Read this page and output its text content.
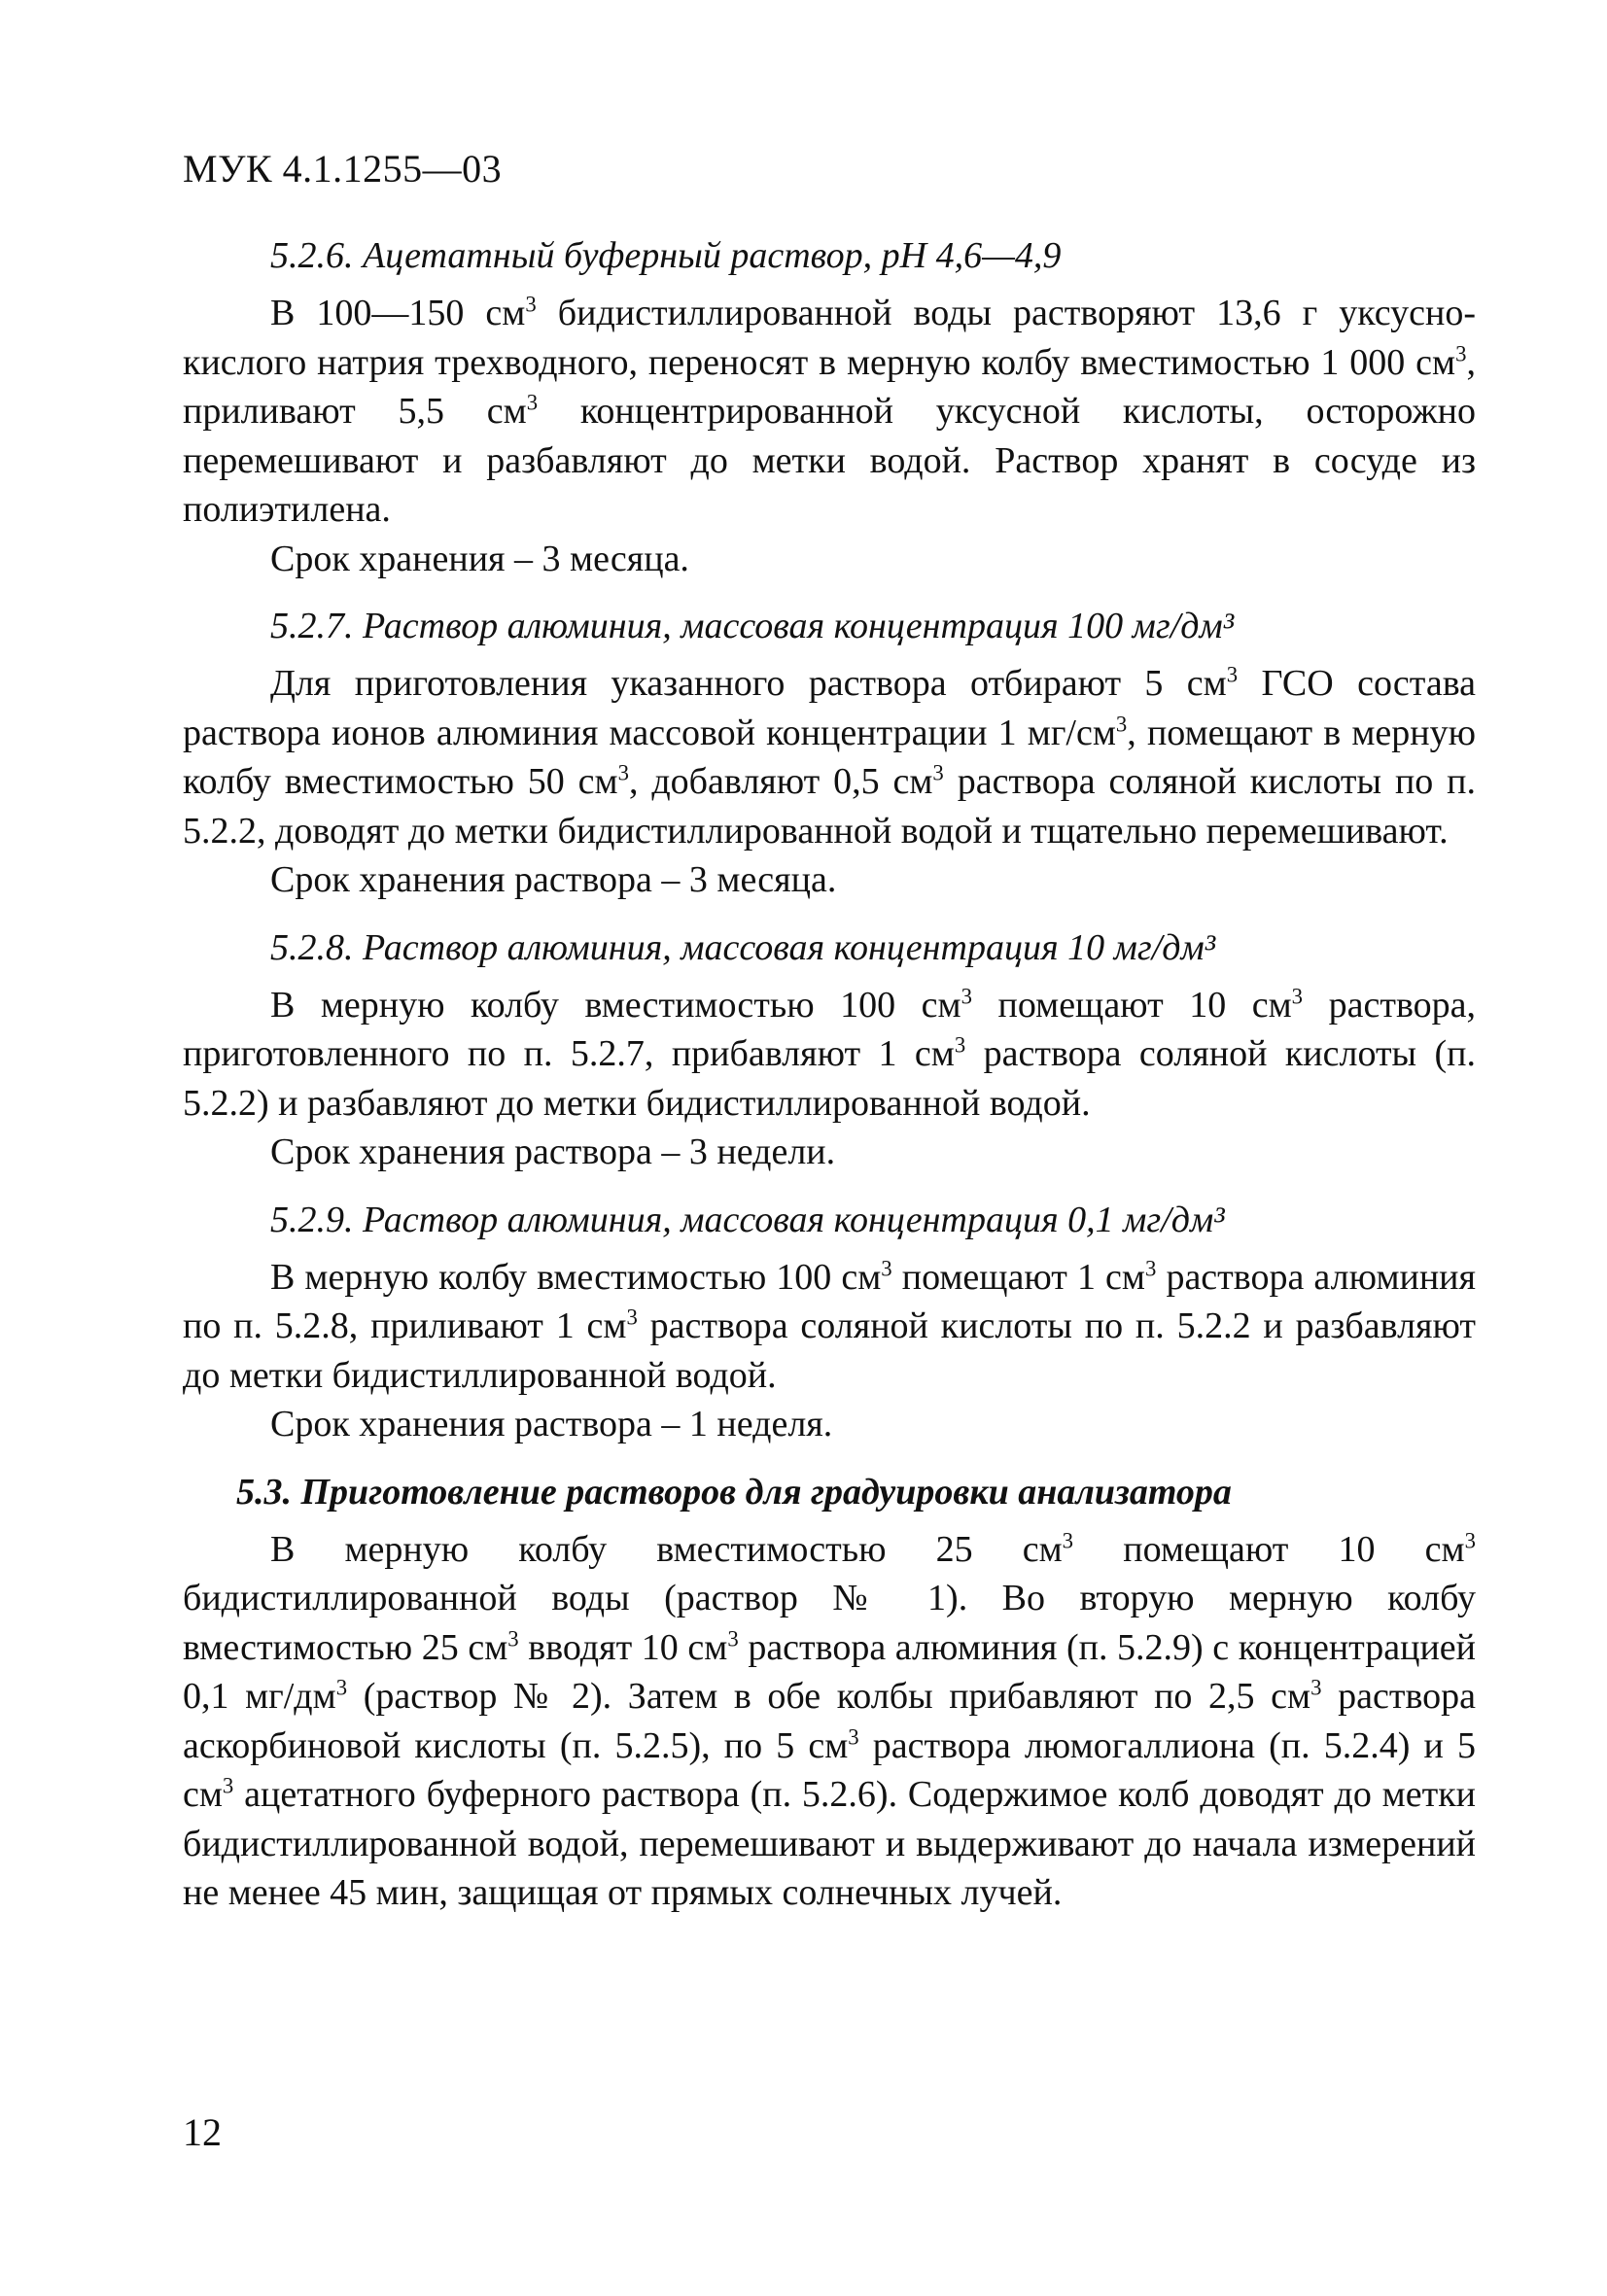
МУК 4.1.1255—03
5.2.6. Ацетатный буферный раствор, pH 4,6—4,9

В 100—150 $см^3$ бидистиллированной воды растворяют 13,6 г уксусно-кислого натрия трехводного, переносят в мерную колбу вместимостью 1 000 $см^3$, приливают 5,5 $см^3$ концентрированной уксусной кислоты, осторожно перемешивают и разбавляют до метки водой. Раствор хранят в сосуде из полиэтилена.

Срок хранения – 3 месяца.

5.2.7. Раствор алюминия, массовая концентрация 100 мг/дм³

Для приготовления указанного раствора отбирают 5 $см^3$ ГСО состава раствора ионов алюминия массовой концентрации 1 $мг/см^3$, помещают в мерную колбу вместимостью 50 $см^3$, добавляют 0,5 $см^3$ раствора соляной кислоты по п. 5.2.2, доводят до метки бидистиллированной водой и тщательно перемешивают.

Срок хранения раствора – 3 месяца.

5.2.8. Раствор алюминия, массовая концентрация 10 мг/дм³

В мерную колбу вместимостью 100 $см^3$ помещают 10 $см^3$ раствора, приготовленного по п. 5.2.7, прибавляют 1 $см^3$ раствора соляной кислоты (п. 5.2.2) и разбавляют до метки бидистиллированной водой.

Срок хранения раствора – 3 недели.

5.2.9. Раствор алюминия, массовая концентрация 0,1 мг/дм³

В мерную колбу вместимостью 100 $см^3$ помещают 1 $см^3$ раствора алюминия по п. 5.2.8, приливают 1 $см^3$ раствора соляной кислоты по п. 5.2.2 и разбавляют до метки бидистиллированной водой.

Срок хранения раствора – 1 неделя.

5.3. Приготовление растворов для градуировки анализатора

В мерную колбу вместимостью 25 $см^3$ помещают 10 $см^3$ бидистиллированной воды (раствор № 1). Во вторую мерную колбу вместимостью 25 $см^3$ вводят 10 $см^3$ раствора алюминия (п. 5.2.9) с концентрацией 0,1 $мг/дм^3$ (раствор № 2). Затем в обе колбы прибавляют по 2,5 $см^3$ раствора аскорбиновой кислоты (п. 5.2.5), по 5 $см^3$ раствора люмогаллиона (п. 5.2.4) и 5 $см^3$ ацетатного буферного раствора (п. 5.2.6). Содержимое колб доводят до метки бидистиллированной водой, перемешивают и выдерживают до начала измерений не менее 45 мин, защищая от прямых солнечных лучей.

12
